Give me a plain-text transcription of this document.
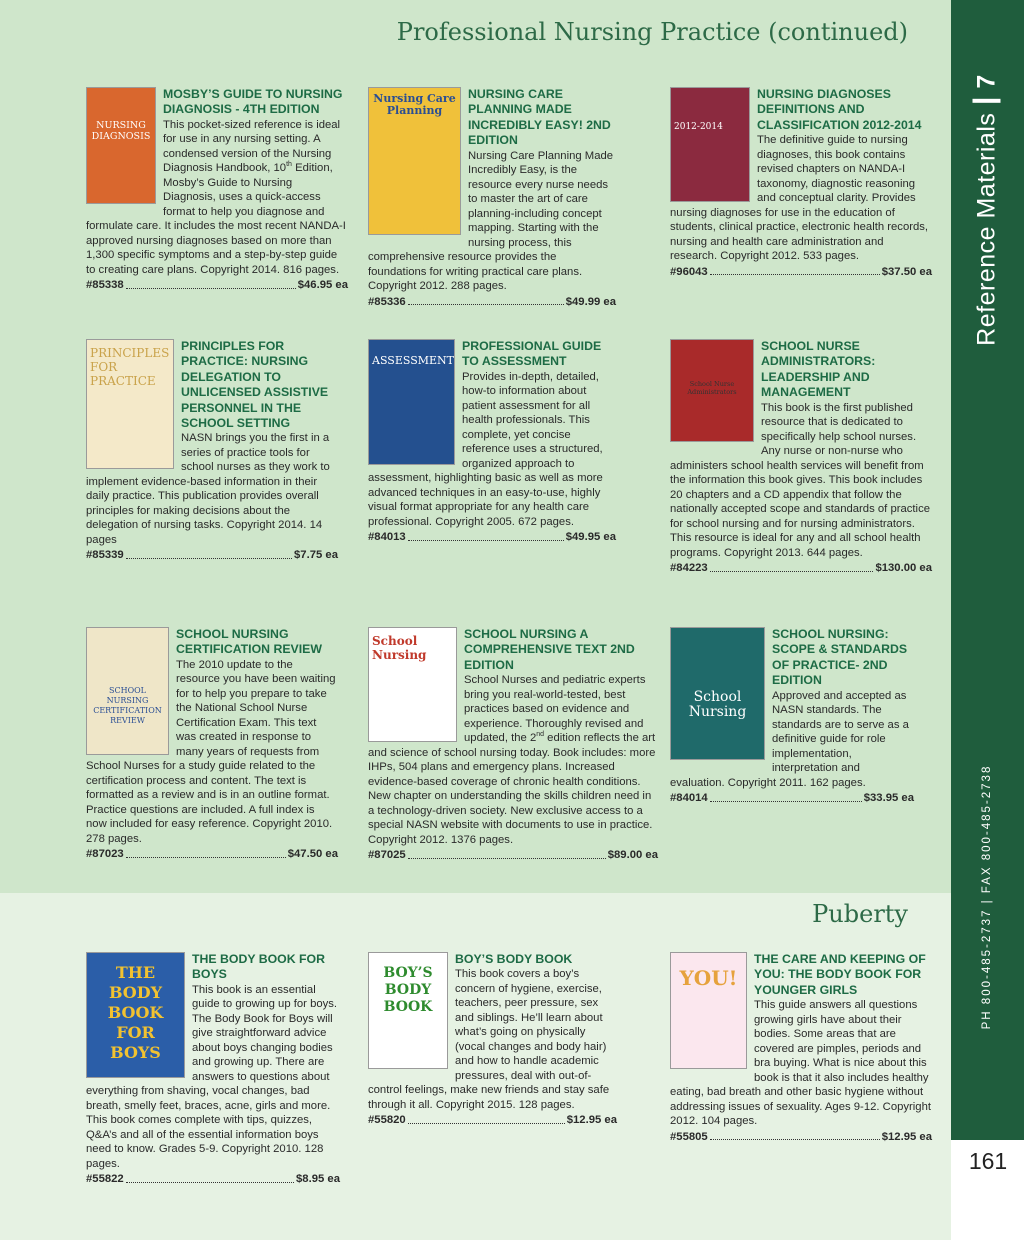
Reference Materials7
PH 800-485-2737 | FAX 800-485-2738
161
Professional Nursing Practice (continued)
Puberty
NURSING DIAGNOSIS
MOSBY’S GUIDE TO NURSING DIAGNOSIS - 4TH EDITION
This pocket-sized reference is ideal for use in any nursing setting. A condensed version of the Nursing Diagnosis Handbook, 10th Edition, Mosby’s Guide to Nursing Diagnosis, uses a quick-access format to help you diagnose and formulate care. It includes the most recent NANDA-I approved nursing diagnoses based on more than 1,300 specific symptoms and a step-by-step guide to creating care plans. Copyright 2014. 816 pages.
#85338	$46.95 ea
Nursing Care Planning
NURSING CARE PLANNING MADE INCREDIBLY EASY! 2ND EDITION
Nursing Care Planning Made Incredibly Easy, is the resource every nurse needs to master the art of care planning-including concept mapping. Starting with the nursing process, this comprehensive resource provides the foundations for writing practical care plans. Copyright 2012. 288 pages.
#85336	$49.99 ea
2012-2014
NURSING DIAGNOSES DEFINITIONS AND CLASSIFICATION 2012-2014
The definitive guide to nursing diagnoses, this book contains revised chapters on NANDA-I taxonomy, diagnostic reasoning and conceptual clarity. Provides nursing diagnoses for use in the education of students, clinical practice, electronic health records, nursing and health care administration and research. Copyright 2012. 533 pages.
#96043	$37.50 ea
PRINCIPLES FOR PRACTICE
PRINCIPLES FOR PRACTICE: NURSING DELEGATION TO UNLICENSED ASSISTIVE PERSONNEL IN THE SCHOOL SETTING
NASN brings you the first in a series of practice tools for school nurses as they work to implement evidence-based information in their daily practice. This publication provides overall principles for making decisions about the delegation of nursing tasks. Copyright 2014. 14 pages
#85339	$7.75 ea
ASSESSMENT
PROFESSIONAL GUIDE TO ASSESSMENT
Provides in-depth, detailed, how-to information about patient assessment for all health professionals. This complete, yet concise reference uses a structured, organized approach to assessment, highlighting basic as well as more advanced techniques in an easy-to-use, highly visual format appropriate for any health care professional. Copyright 2005. 672 pages.
#84013	$49.95 ea
School Nurse Administrators
SCHOOL NURSE ADMINISTRATORS: LEADERSHIP AND MANAGEMENT
This book is the first published resource that is dedicated to specifically help school nurses. Any nurse or non-nurse who administers school health services will benefit from the information this book gives. This book includes 20 chapters and a CD appendix that follow the nationally accepted scope and standards of practice for school nursing and for nursing administrators. This resource is ideal for any and all school health programs. Copyright 2013. 644 pages.
#84223	$130.00 ea
SCHOOL NURSING CERTIFICATION REVIEW
SCHOOL NURSING CERTIFICATION REVIEW
The 2010 update to the resource you have been waiting for to help you prepare to take the National School Nurse Certification Exam. This text was created in response to many years of requests from School Nurses for a study guide related to the certification process and content. The text is formatted as a review and is in an outline format. Practice questions are included. A full index is now included for easy reference. Copyright 2010. 278 pages.
#87023	$47.50 ea
School Nursing
SCHOOL NURSING A COMPREHENSIVE TEXT 2ND EDITION
School Nurses and pediatric experts bring you real-world-tested, best practices based on evidence and experience. Thoroughly revised and updated, the 2nd edition reflects the art and science of school nursing today. Book includes: more IHPs, 504 plans and emergency plans. Increased evidence-based coverage of chronic health conditions. New chapter on understanding the skills children need in a technology-driven society. New exclusive access to a special NASN website with documents to use in practice. Copyright 2012. 1376 pages.
#87025	$89.00 ea
School Nursing
SCHOOL NURSING: SCOPE & STANDARDS OF PRACTICE- 2ND EDITION
Approved and accepted as NASN standards. The standards are to serve as a definitive guide for role implementation, interpretation and evaluation. Copyright 2011. 162 pages.
#84014	$33.95 ea
THE BODY BOOK FOR BOYS
THE BODY BOOK FOR BOYS
This book is an essential guide to growing up for boys. The Body Book for Boys will give straightforward advice about boys changing bodies and growing up. There are answers to questions about everything from shaving, vocal changes, bad breath, smelly feet, braces, acne, girls and more. This book comes complete with tips, quizzes, Q&A’s and all of the essential information boys need to know. Grades 5-9. Copyright 2010. 128 pages.
#55822	$8.95 ea
BOY’S BODY BOOK
BOY’S BODY BOOK
This book covers a boy’s concern of hygiene, exercise, teachers, peer pressure, sex and siblings. He’ll learn about what’s going on physically (vocal changes and body hair) and how to handle academic pressures, deal with out-of-control feelings, make new friends and stay safe through it all. Copyright 2015. 128 pages.
#55820	$12.95 ea
YOU!
THE CARE AND KEEPING OF YOU: THE BODY BOOK FOR YOUNGER GIRLS
This guide answers all questions growing girls have about their bodies. Some areas that are covered are pimples, periods and bra buying. What is nice about this book is that it also includes healthy eating, bad breath and other basic hygiene without addressing issues of sexuality. Ages 9-12. Copyright 2012. 104 pages.
#55805	$12.95 ea
